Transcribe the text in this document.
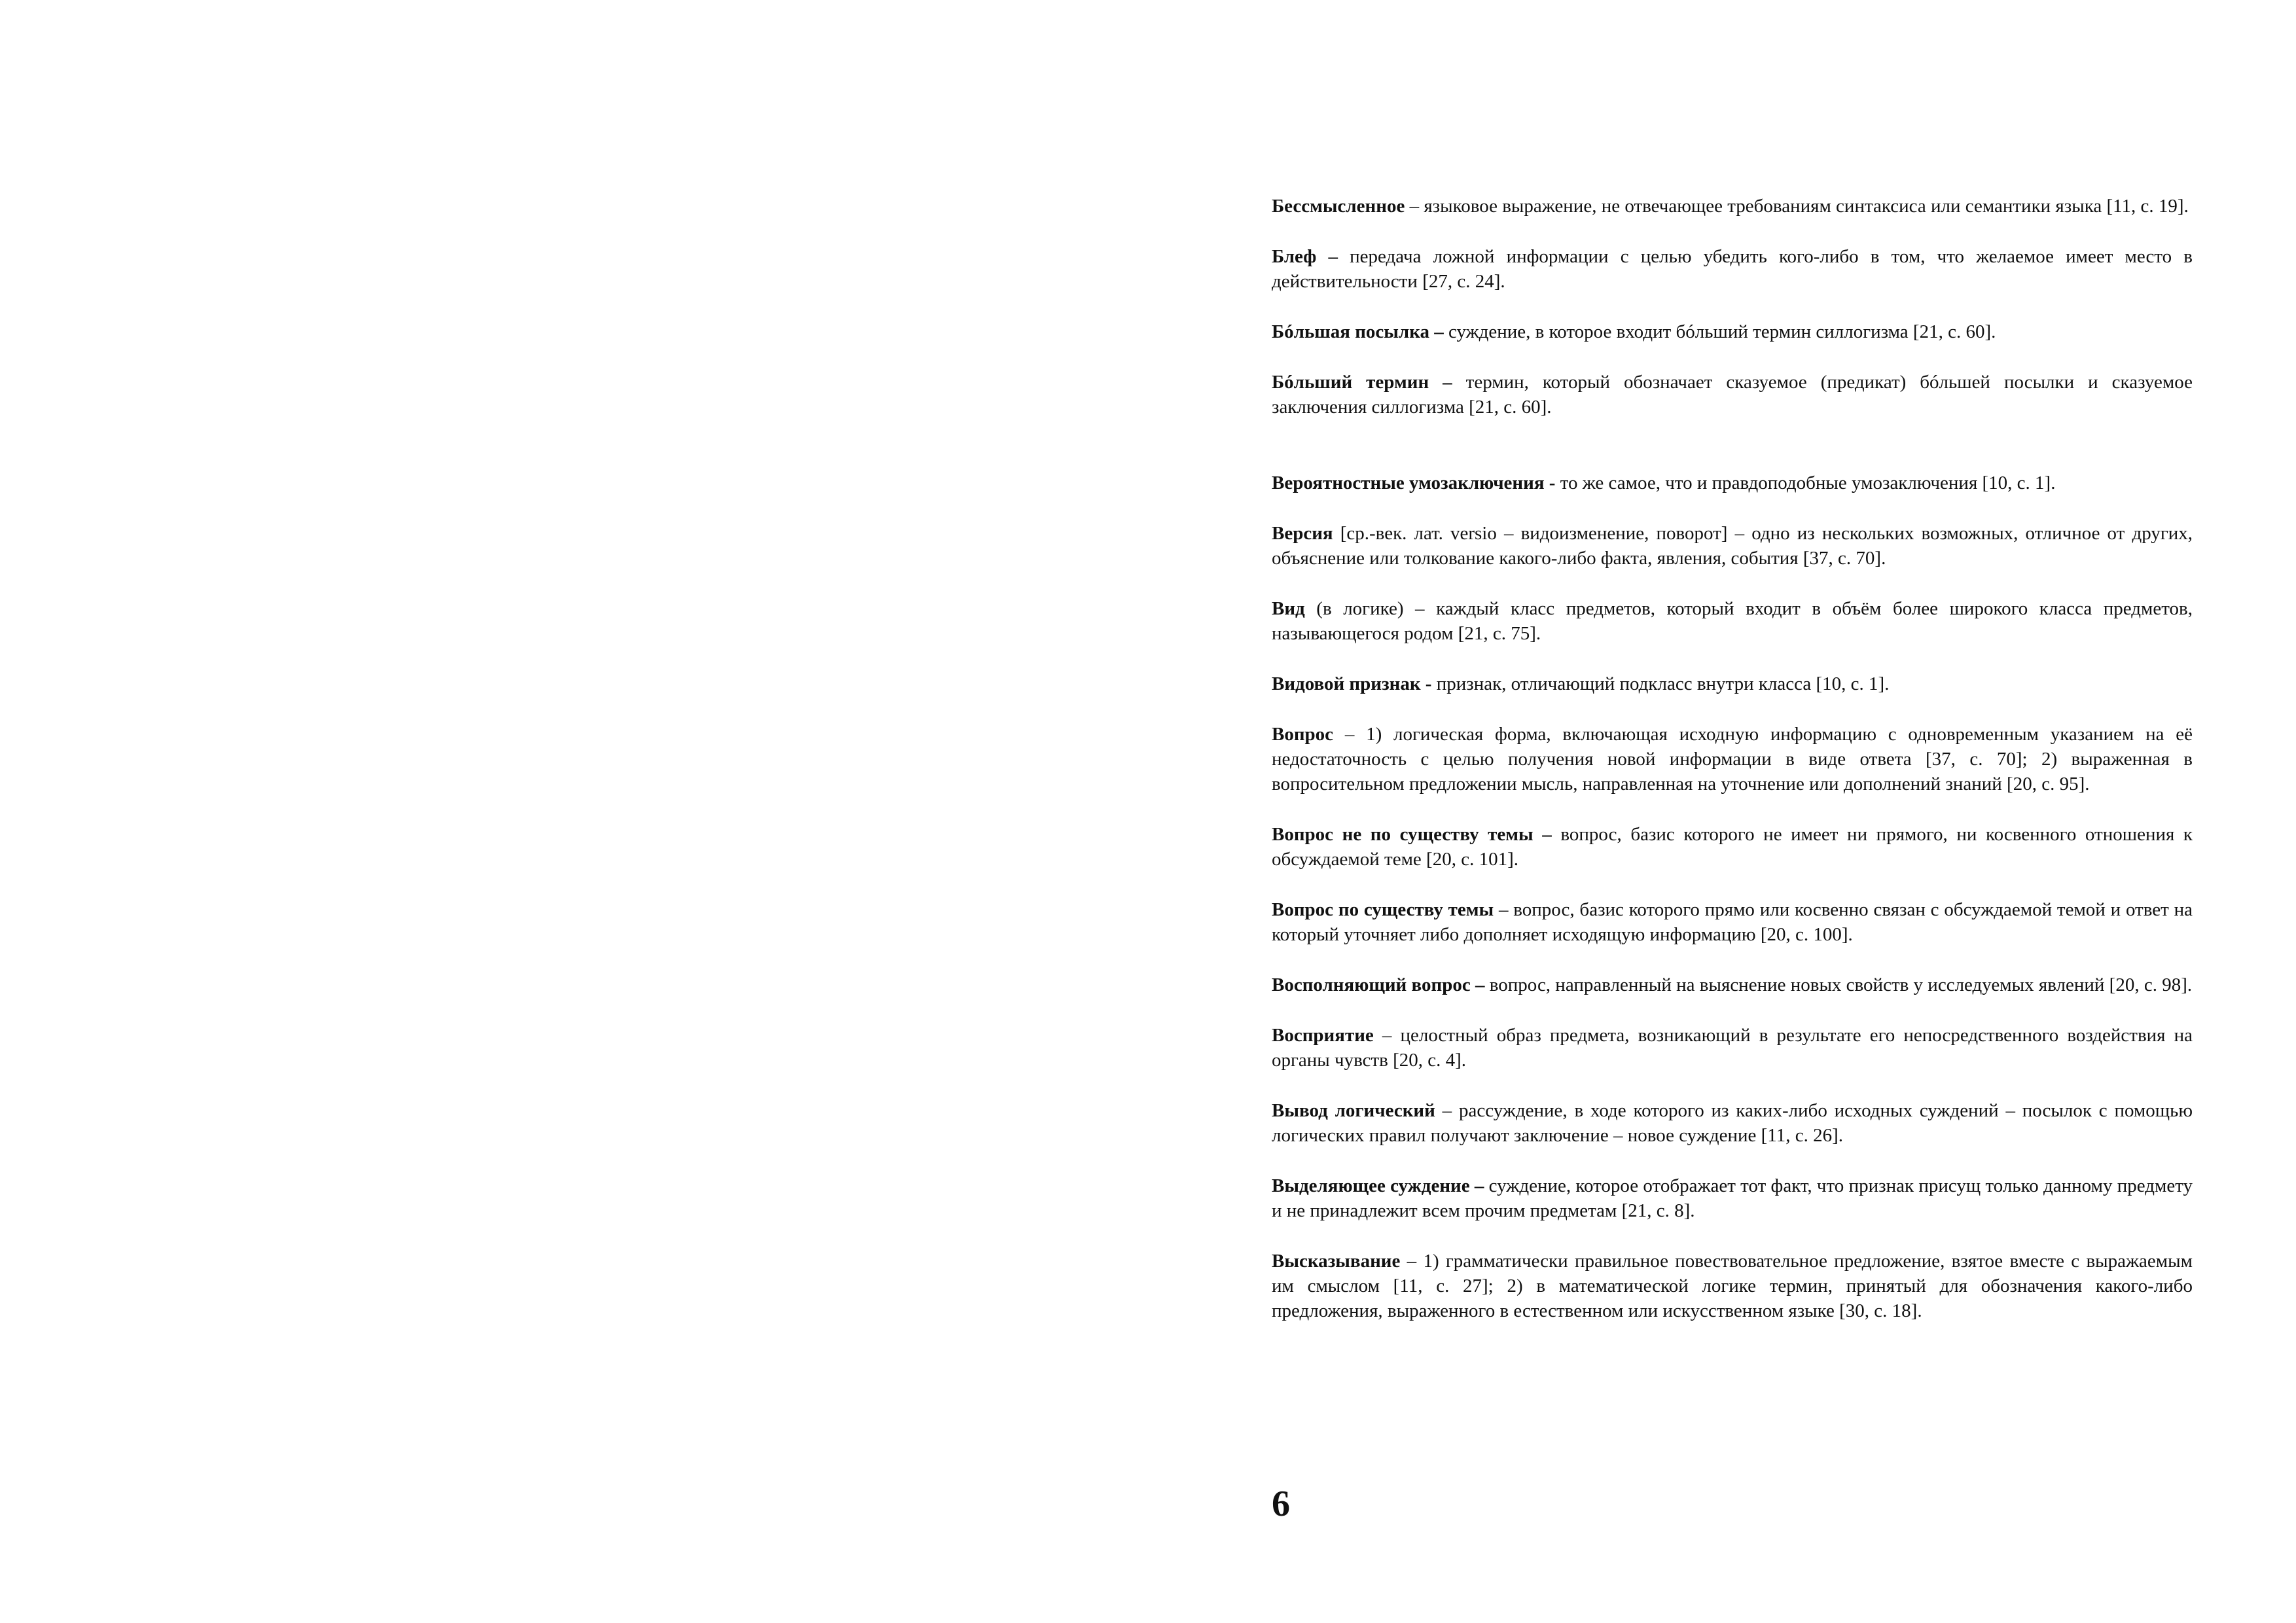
Бессмысленное – языковое выражение, не отвечающее требованиям синтаксиса или семантики языка [11, с. 19].

Блеф – передача ложной информации с целью убедить кого-либо в том, что желаемое имеет место в действительности [27, с. 24].

Бóльшая посылка – суждение, в которое входит бóльший термин силлогизма [21, с. 60].

Бóльший термин – термин, который обозначает сказуемое (предикат) бóльшей посылки и сказуемое заключения силлогизма [21, с. 60].

Вероятностные умозаключения - то же самое, что и правдоподобные умозаключения [10, с. 1].

Версия [ср.-век. лат. versio – видоизменение, поворот] – одно из нескольких возможных, отличное от других, объяснение или толкование какого-либо факта, явления, события [37, с. 70].

Вид (в логике) – каждый класс предметов, который входит в объём более широкого класса предметов, называющегося родом [21, с. 75].

Видовой признак - признак, отличающий подкласс внутри класса [10, с. 1].

Вопрос – 1) логическая форма, включающая исходную информацию с одновременным указанием на её недостаточность с целью получения новой информации в виде ответа [37, с. 70]; 2) выраженная в вопросительном предложении мысль, направленная на уточнение или дополнений знаний [20, с. 95].

Вопрос не по существу темы – вопрос, базис которого не имеет ни прямого, ни косвенного отношения к обсуждаемой теме [20, с. 101].

Вопрос по существу темы – вопрос, базис которого прямо или косвенно связан с обсуждаемой темой и ответ на который уточняет либо дополняет исходящую информацию [20, с. 100].

Восполняющий вопрос – вопрос, направленный на выяснение новых свойств у исследуемых явлений [20, с. 98].

Восприятие – целостный образ предмета, возникающий в результате его непосредственного воздействия на органы чувств [20, с. 4].

Вывод логический – рассуждение, в ходе которого из каких-либо исходных суждений – посылок с помощью логических правил получают заключение – новое суждение [11, с. 26].

Выделяющее суждение – суждение, которое отображает тот факт, что признак присущ только данному предмету и не принадлежит всем прочим предметам [21, с. 8].

Высказывание – 1) грамматически правильное повествовательное предложение, взятое вместе с выражаемым им смыслом [11, с. 27]; 2) в математической логике термин, принятый для обозначения какого-либо предложения, выраженного в естественном или искусственном языке [30, с. 18].

6
